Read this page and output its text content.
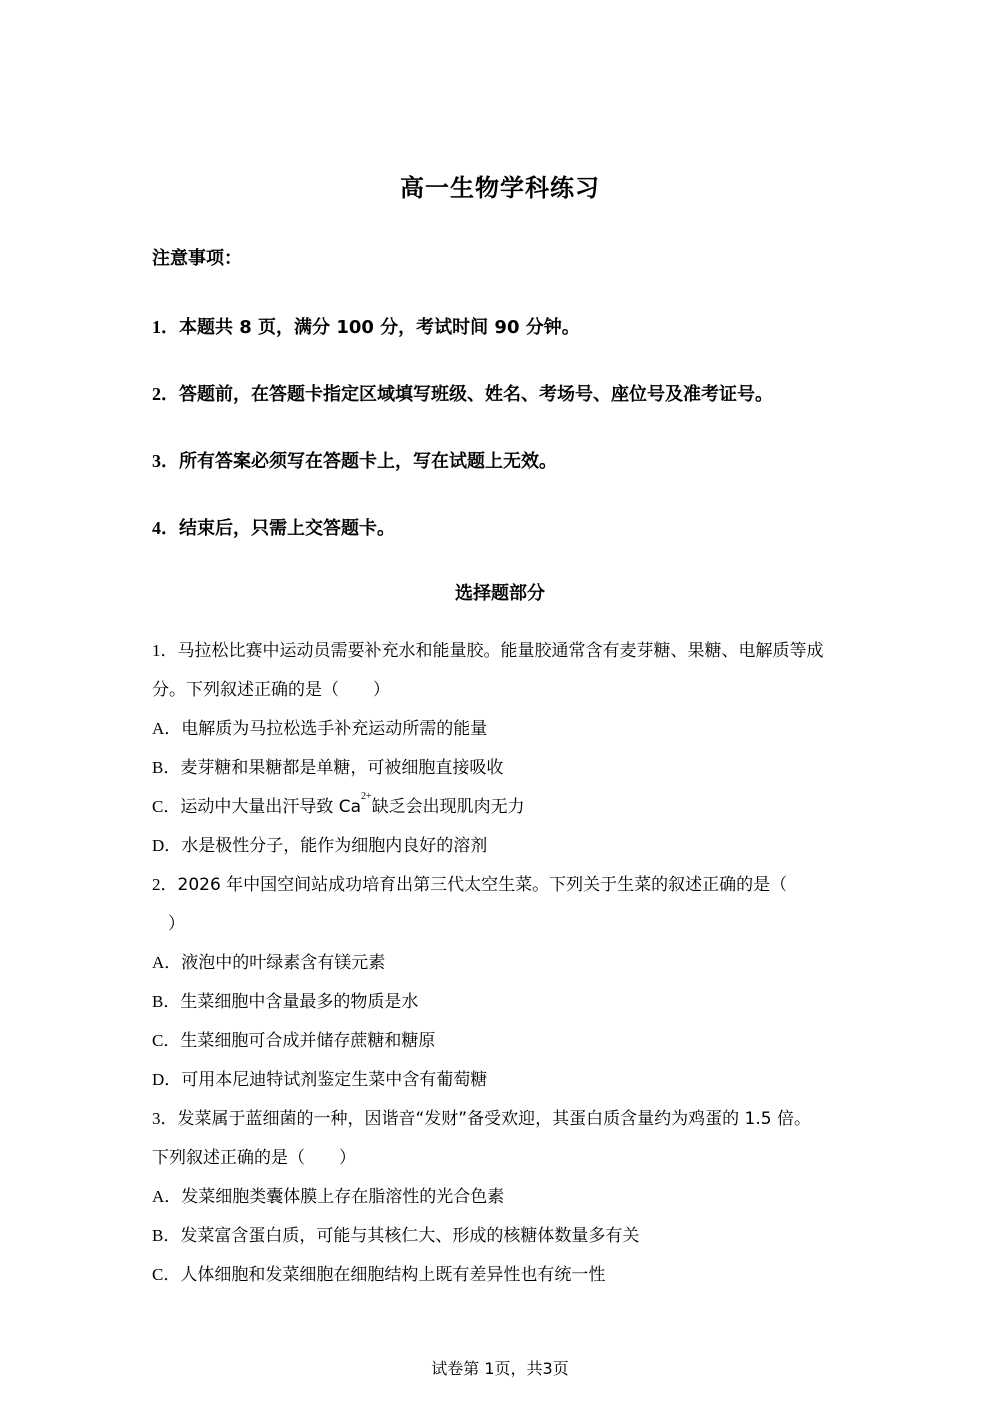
高一生物学科练习
注意事项：
1．本题共 8 页，满分 100 分，考试时间 90 分钟。
2．答题前，在答题卡指定区域填写班级、姓名、考场号、座位号及准考证号。
3．所有答案必须写在答题卡上，写在试题上无效。
4．结束后，只需上交答题卡。
选择题部分
1．马拉松比赛中运动员需要补充水和能量胶。能量胶通常含有麦芽糖、果糖、电解质等成
分。下列叙述正确的是（　　）
A．电解质为马拉松选手补充运动所需的能量
B．麦芽糖和果糖都是单糖，可被细胞直接吸收
C．运动中大量出汗导致 $Ca^{2+}$缺乏会出现肌肉无力
D．水是极性分子，能作为细胞内良好的溶剂
2．2026 年中国空间站成功培育出第三代太空生菜。下列关于生菜的叙述正确的是（
）
A．液泡中的叶绿素含有镁元素
B．生菜细胞中含量最多的物质是水
C．生菜细胞可合成并储存蔗糖和糖原
D．可用本尼迪特试剂鉴定生菜中含有葡萄糖
3．发菜属于蓝细菌的一种，因谐音“发财”备受欢迎，其蛋白质含量约为鸡蛋的 1.5 倍。
下列叙述正确的是（　　）
A．发菜细胞类囊体膜上存在脂溶性的光合色素
B．发菜富含蛋白质，可能与其核仁大、形成的核糖体数量多有关
C．人体细胞和发菜细胞在细胞结构上既有差异性也有统一性
试卷第 1页，共3页
